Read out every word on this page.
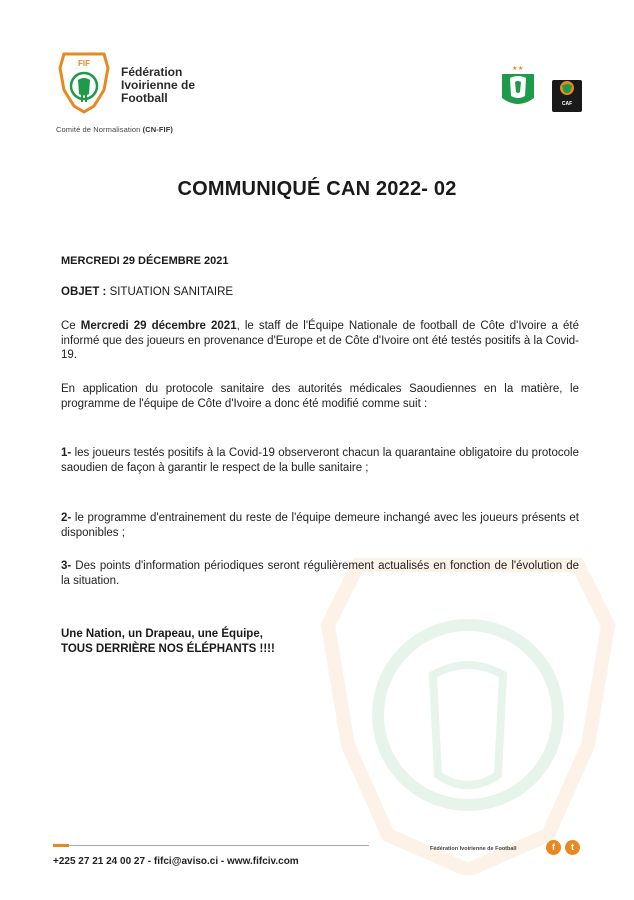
FIF
Fédération
Ivoirienne de
Football
Comité de Normalisation (CN-FIF)
★ ★
CAF
COMMUNIQUÉ CAN 2022- 02
MERCREDI 29 DÉCEMBRE 2021
OBJET : SITUATION SANITAIRE
Ce Mercredi 29 décembre 2021, le staff de l'Équipe Nationale de football de Côte d'Ivoire a été informé que des joueurs en provenance d'Europe et de Côte d'Ivoire ont été testés positifs à la Covid-19.
En application du protocole sanitaire des autorités médicales Saoudiennes en la matière, le programme de l'équipe de Côte d'Ivoire a donc été modifié comme suit :
1- les joueurs testés positifs à la Covid-19 observeront chacun la quarantaine obligatoire du protocole saoudien de façon à garantir le respect de la bulle sanitaire ;
2- le programme d'entrainement du reste de l'équipe demeure inchangé avec les joueurs présents et disponibles ;
3- Des points d'information périodiques seront régulièrement actualisés en fonction de l'évolution de la situation.
Une Nation, un Drapeau, une Équipe,
TOUS DERRIÈRE NOS ÉLÉPHANTS !!!!
+225 27 21 24 00 27 - fifci@aviso.ci - www.fifciv.com
Fédération Ivoirienne de Football	f	t
